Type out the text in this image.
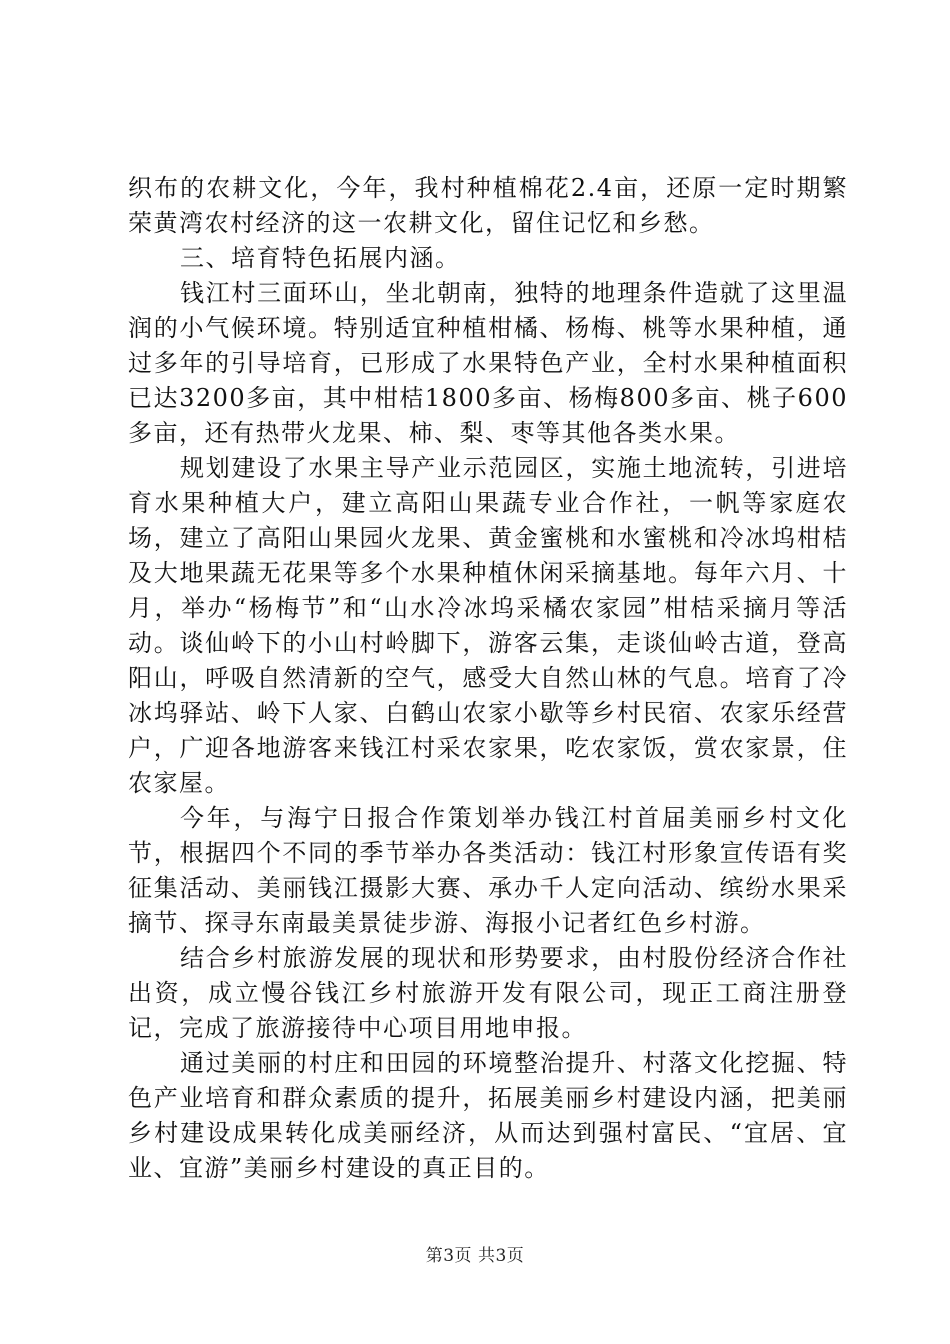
织布的农耕文化，今年，我村种植棉花2.4亩，还原一定时期繁荣黄湾农村经济的这一农耕文化，留住记忆和乡愁。

三、培育特色拓展内涵。

钱江村三面环山，坐北朝南，独特的地理条件造就了这里温润的小气候环境。特别适宜种植柑橘、杨梅、桃等水果种植，通过多年的引导培育，已形成了水果特色产业，全村水果种植面积已达3200多亩，其中柑桔1800多亩、杨梅800多亩、桃子600多亩，还有热带火龙果、柿、梨、枣等其他各类水果。

规划建设了水果主导产业示范园区，实施土地流转，引进培育水果种植大户，建立高阳山果蔬专业合作社，一帆等家庭农场，建立了高阳山果园火龙果、黄金蜜桃和水蜜桃和冷冰坞柑桔及大地果蔬无花果等多个水果种植休闲采摘基地。每年六月、十月，举办“杨梅节”和“山水冷冰坞采橘农家园”柑桔采摘月等活动。谈仙岭下的小山村岭脚下，游客云集，走谈仙岭古道，登高阳山，呼吸自然清新的空气，感受大自然山林的气息。培育了冷冰坞驿站、岭下人家、白鹤山农家小歇等乡村民宿、农家乐经营户，广迎各地游客来钱江村采农家果，吃农家饭，赏农家景，住农家屋。

今年，与海宁日报合作策划举办钱江村首届美丽乡村文化节，根据四个不同的季节举办各类活动：钱江村形象宣传语有奖征集活动、美丽钱江摄影大赛、承办千人定向活动、缤纷水果采摘节、探寻东南最美景徒步游、海报小记者红色乡村游。

结合乡村旅游发展的现状和形势要求，由村股份经济合作社出资，成立慢谷钱江乡村旅游开发有限公司，现正工商注册登记，完成了旅游接待中心项目用地申报。

通过美丽的村庄和田园的环境整治提升、村落文化挖掘、特色产业培育和群众素质的提升，拓展美丽乡村建设内涵，把美丽乡村建设成果转化成美丽经济，从而达到强村富民、“宜居、宜业、宜游”美丽乡村建设的真正目的。

第3页 共3页
